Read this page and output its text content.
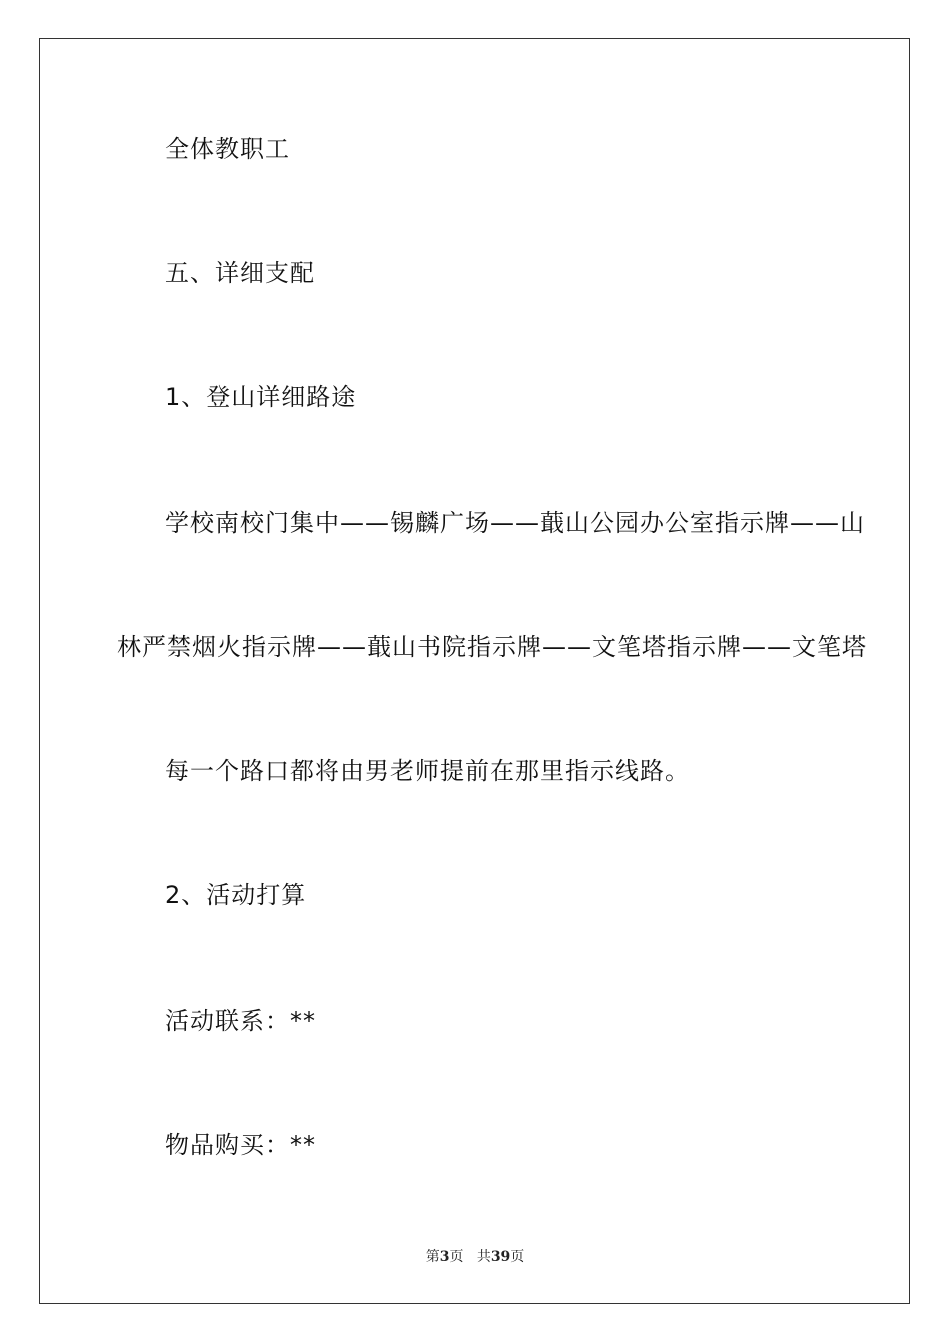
全体教职工
五、详细支配
1、登山详细路途
学校南校门集中——锡麟广场——蕺山公园办公室指示牌——山
林严禁烟火指示牌——蕺山书院指示牌——文笔塔指示牌——文笔塔
每一个路口都将由男老师提前在那里指示线路。
2、活动打算
活动联系：**
物品购买：**
第3页 共39页
